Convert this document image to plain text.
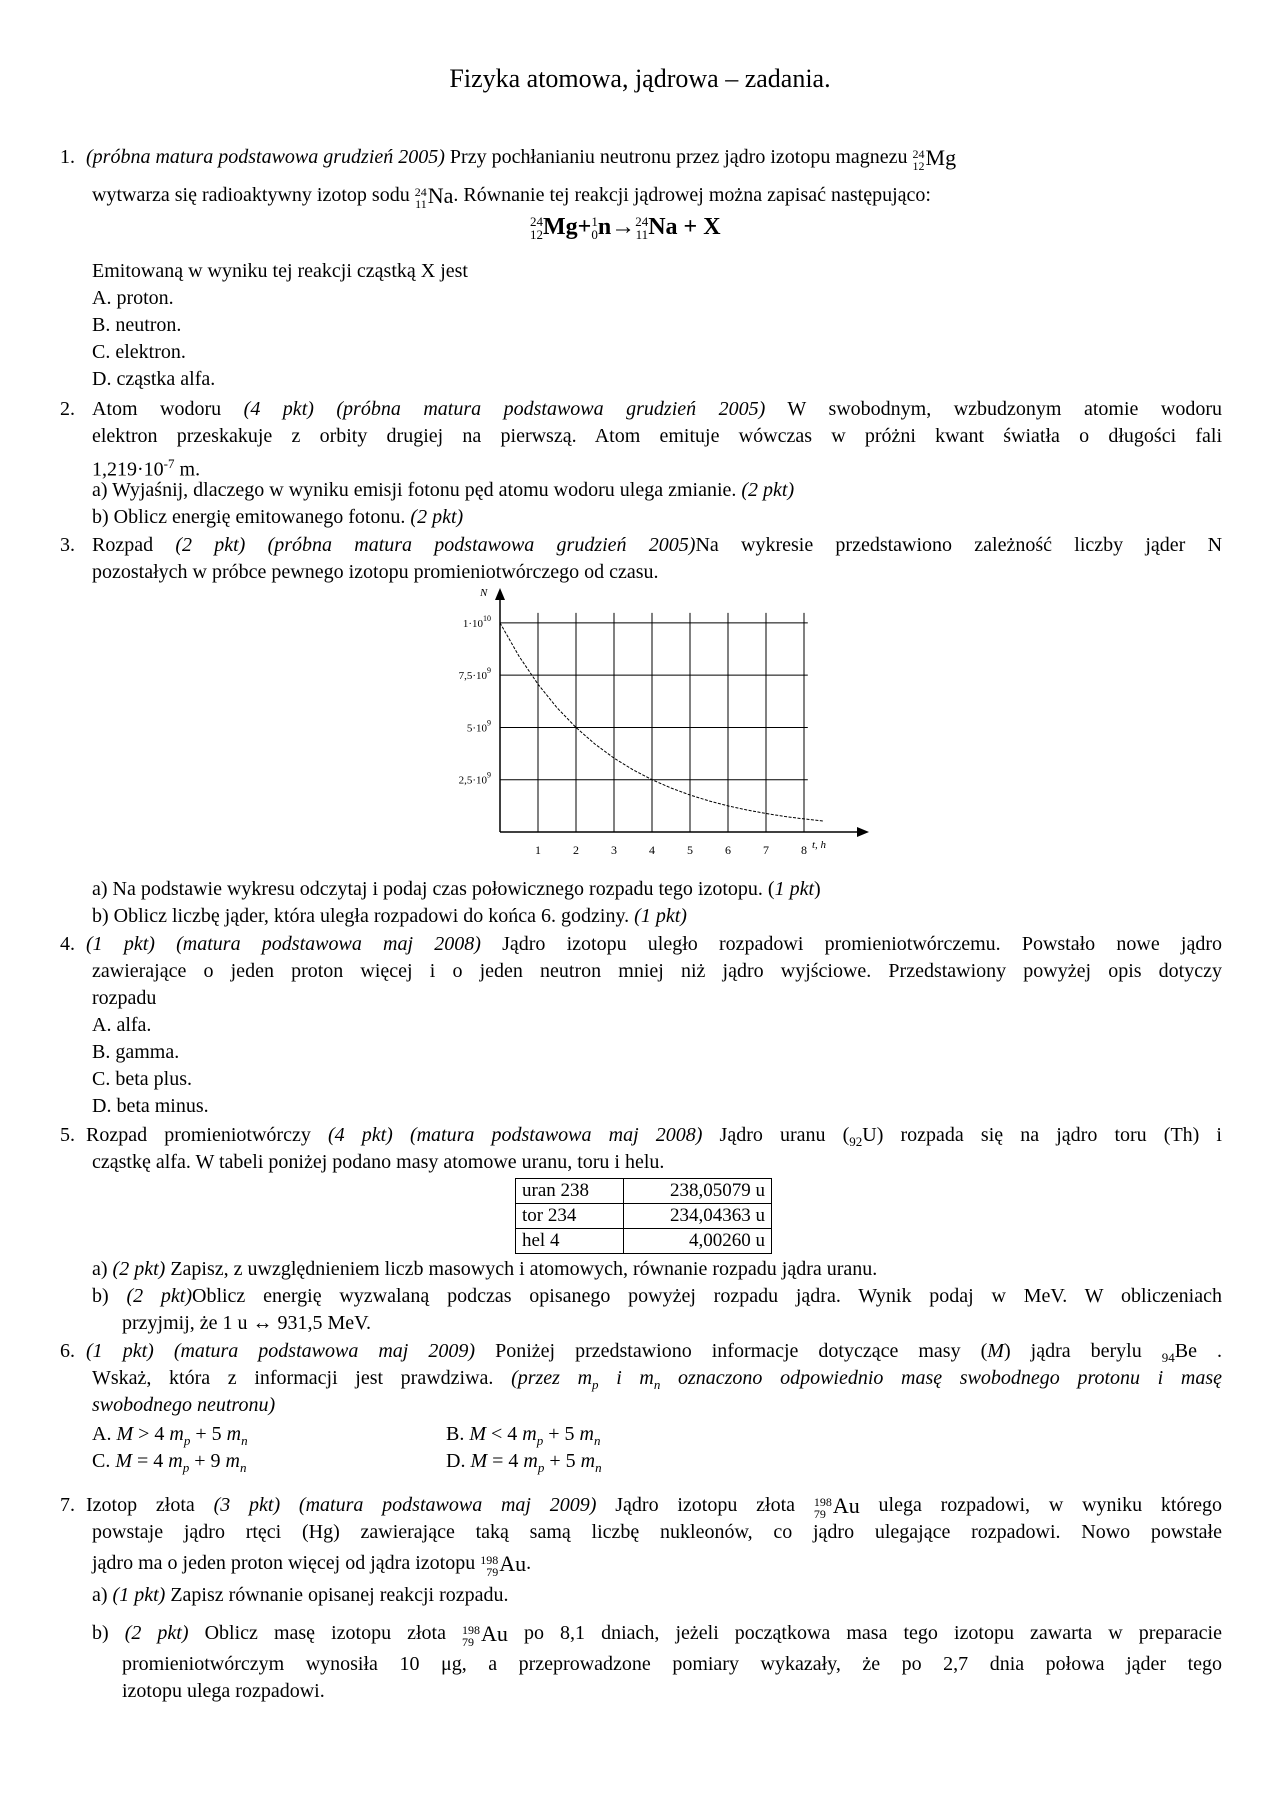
Fizyka atomowa, jądrowa – zadania.
1. (próbna matura podstawowa grudzień 2005) Przy pochłanianiu neutronu przez jądro izotopu magnezu 24
12 Mg
wytwarza się radioaktywny izotop sodu 24
11 Na. Równanie tej reakcji jądrowej można zapisać następująco:
24
12 Mg+ 1
0 n→ 24
11 Na + X
Emitowaną w wyniku tej reakcji cząstką X jest
A. proton.
B. neutron.
C. elektron.
D. cząstka alfa.
2. Atom wodoru (4 pkt) (próbna matura podstawowa grudzień 2005) W swobodnym, wzbudzonym atomie wodoru
elektron przeskakuje z orbity drugiej na pierwszą. Atom emituje wówczas w próżni kwant światła o długości fali
$1,219\cdot 10^{-7}$ m.
a) Wyjaśnij, dlaczego w wyniku emisji fotonu pęd atomu wodoru ulega zmianie. (2 pkt)
b) Oblicz energię emitowanego fotonu. (2 pkt)
3. Rozpad (2 pkt) (próbna matura podstawowa grudzień 2005)Na wykresie przedstawiono zależność liczby jąder N
pozostałych w próbce pewnego izotopu promieniotwórczego od czasu.
N
t, h
1	2	3	4	5	6	7	8
$2,5\cdot 10^9$
$5\cdot 10^9$
$7,5\cdot 10^9$
$1\cdot 10^{10}$
a) Na podstawie wykresu odczytaj i podaj czas połowicznego rozpadu tego izotopu. (1 pkt)
b) Oblicz liczbę jąder, która uległa rozpadowi do końca 6. godziny. (1 pkt)
4. (1 pkt) (matura podstawowa maj 2008) Jądro izotopu uległo rozpadowi promieniotwórczemu. Powstało nowe jądro
zawierające o jeden proton więcej i o jeden neutron mniej niż jądro wyjściowe. Przedstawiony powyżej opis dotyczy
rozpadu
A. alfa.
B. gamma.
C. beta plus.
D. beta minus.
5. Rozpad promieniotwórczy (4 pkt) (matura podstawowa maj 2008) Jądro uranu $(_{92}U)$ rozpada się na jądro toru (Th) i
cząstkę alfa. W tabeli poniżej podano masy atomowe uranu, toru i helu.
uran 238	238,05079 u
tor 234	234,04363 u
hel 4	4,00260 u
a) (2 pkt) Zapisz, z uwzględnieniem liczb masowych i atomowych, równanie rozpadu jądra uranu.
b) (2 pkt)Oblicz energię wyzwalaną podczas opisanego powyżej rozpadu jądra. Wynik podaj w MeV. W obliczeniach
przyjmij, że 1 u ↔ 931,5 MeV.
6. (1 pkt) (matura podstawowa maj 2009) Poniżej przedstawiono informacje dotyczące masy (M) jądra berylu $_{94}$Be .
Wskaż, która z informacji jest prawdziwa. (przez $m_p$ i $m_n$ oznaczono odpowiednio masę swobodnego protonu i masę
swobodnego neutronu)
A. M > 4 $m_p + 5$ $m_n$	B. M < 4 $m_p + 5$ $m_n$
C. M = 4 $m_p + 9$ $m_n$	D. M = 4 $m_p + 5$ $m_n$
7. Izotop złota (3 pkt) (matura podstawowa maj 2009) Jądro izotopu złota 198
79 Au ulega rozpadowi, w wyniku którego
powstaje jądro rtęci (Hg) zawierające taką samą liczbę nukleonów, co jądro ulegające rozpadowi. Nowo powstałe
jądro ma o jeden proton więcej od jądra izotopu 198
79 Au.
a) (1 pkt) Zapisz równanie opisanej reakcji rozpadu.
b) (2 pkt) Oblicz masę izotopu złota 198
79 Au po 8,1 dniach, jeżeli początkowa masa tego izotopu zawarta w preparacie
promieniotwórczym wynosiła 10 μg, a przeprowadzone pomiary wykazały, że po 2,7 dnia połowa jąder tego
izotopu ulega rozpadowi.
